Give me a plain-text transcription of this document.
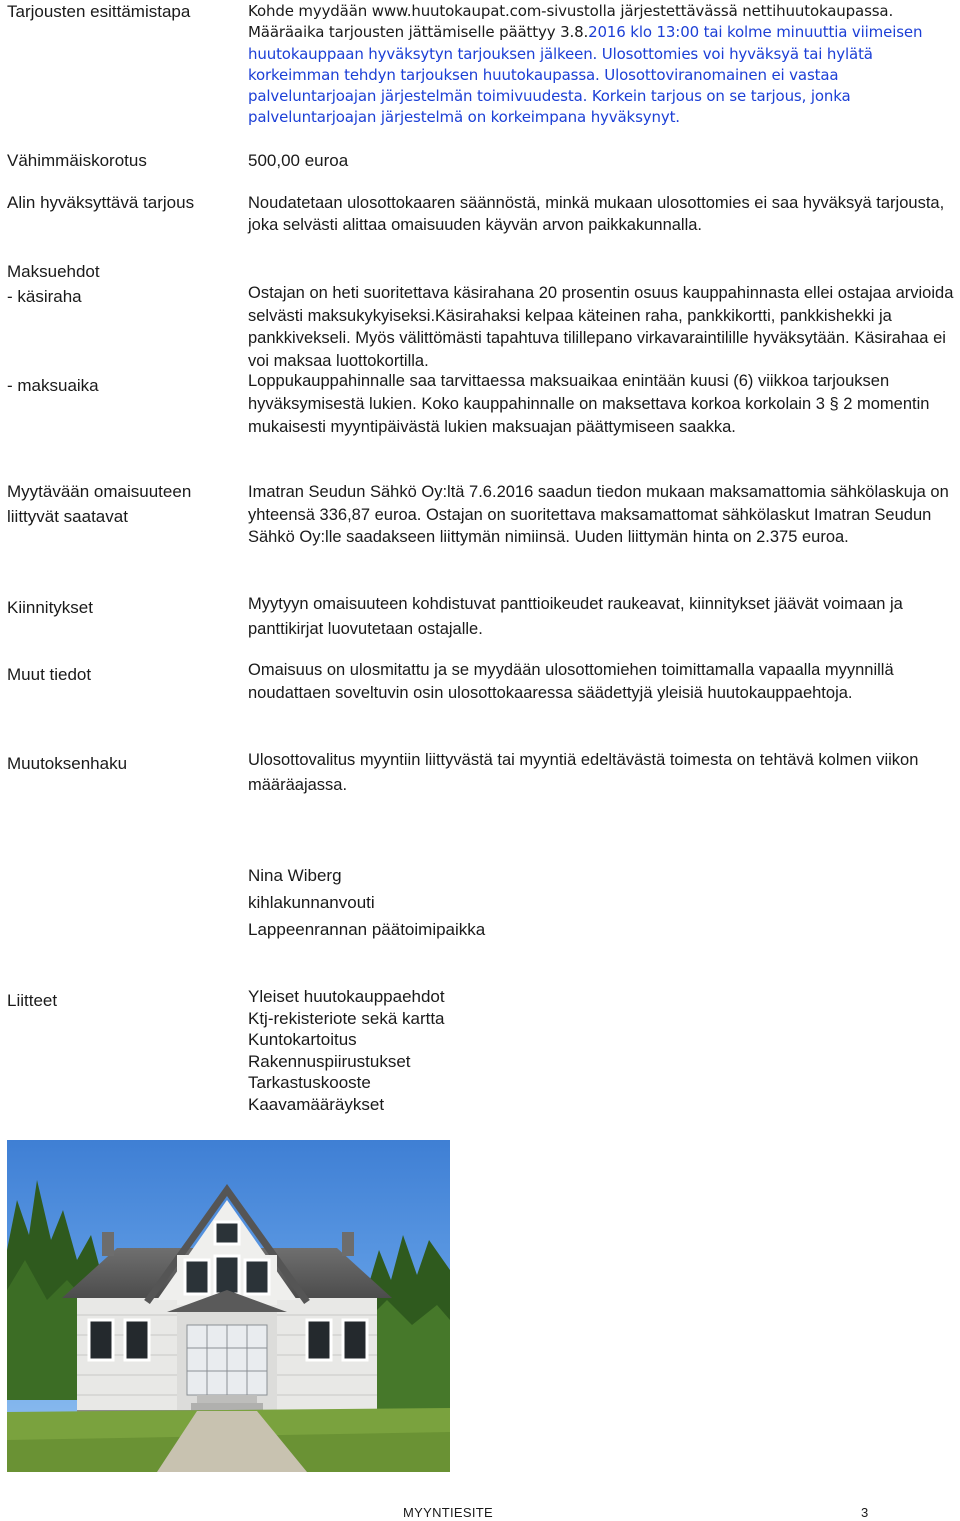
Tarjousten esittämistapa
Vähimmäiskorotus
Alin hyväksyttävä tarjous
Maksuehdot
- käsiraha
- maksuaika
Myytävään omaisuuteen
liittyvät saatavat
Kiinnitykset
Muut tiedot
Muutoksenhaku
Liitteet
Kohde myydään www.huutokaupat.com-sivustolla järjestettävässä nettihuutokaupassa. Määräaika tarjousten jättämiselle päättyy 3.8.2016 klo 13:00 tai kolme minuuttia viimeisen huutokauppaan hyväksytyn tarjouksen jälkeen. Ulosottomies voi hyväksyä tai hylätä korkeimman tehdyn tarjouksen huutokaupassa. Ulosottoviranomainen ei vastaa palveluntarjoajan järjestelmän toimivuudesta. Korkein tarjous on se tarjous, jonka palveluntarjoajan järjestelmä on korkeimpana hyväksynyt.
500,00 euroa
Noudatetaan ulosottokaaren säännöstä, minkä mukaan ulosottomies ei saa hyväksyä tarjousta, joka selvästi alittaa omaisuuden käyvän arvon paikkakunnalla.
Ostajan on heti suoritettava käsirahana 20 prosentin osuus kauppahinnasta ellei ostajaa arvioida selvästi maksukykyiseksi.Käsirahaksi kelpaa käteinen raha, pankkikortti, pankkishekki ja pankkivekseli. Myös välittömästi tapahtuva tilillepano virkavaraintilille hyväksytään. Käsirahaa ei voi maksaa luottokortilla.
Loppukauppahinnalle saa tarvittaessa maksuaikaa enintään kuusi (6) viikkoa tarjouksen hyväksymisestä lukien. Koko kauppahinnalle on maksettava korkoa korkolain 3 § 2 momentin mukaisesti myyntipäivästä lukien maksuajan päättymiseen saakka.
Imatran Seudun Sähkö Oy:ltä 7.6.2016 saadun tiedon mukaan maksamattomia sähkölaskuja on yhteensä 336,87 euroa. Ostajan on suoritettava maksamattomat sähkölaskut Imatran Seudun Sähkö Oy:lle saadakseen liittymän nimiinsä. Uuden liittymän hinta on 2.375 euroa.
Myytyyn omaisuuteen kohdistuvat panttioikeudet raukeavat, kiinnitykset jäävät voimaan ja panttikirjat luovutetaan ostajalle.
Omaisuus on ulosmitattu ja se myydään ulosottomiehen toimittamalla vapaalla myynnillä noudattaen soveltuvin osin ulosottokaaressa säädettyjä yleisiä huutokauppaehtoja.
Ulosottovalitus myyntiin liittyvästä tai myyntiä edeltävästä toimesta on tehtävä kolmen viikon määräajassa.
Nina Wiberg
kihlakunnanvouti
Lappeenrannan päätoimipaikka
Yleiset huutokauppaehdot
Ktj-rekisteriote sekä kartta
Kuntokartoitus
Rakennuspiirustukset
Tarkastuskooste
Kaavamääräykset
MYYNTIESITE	3
